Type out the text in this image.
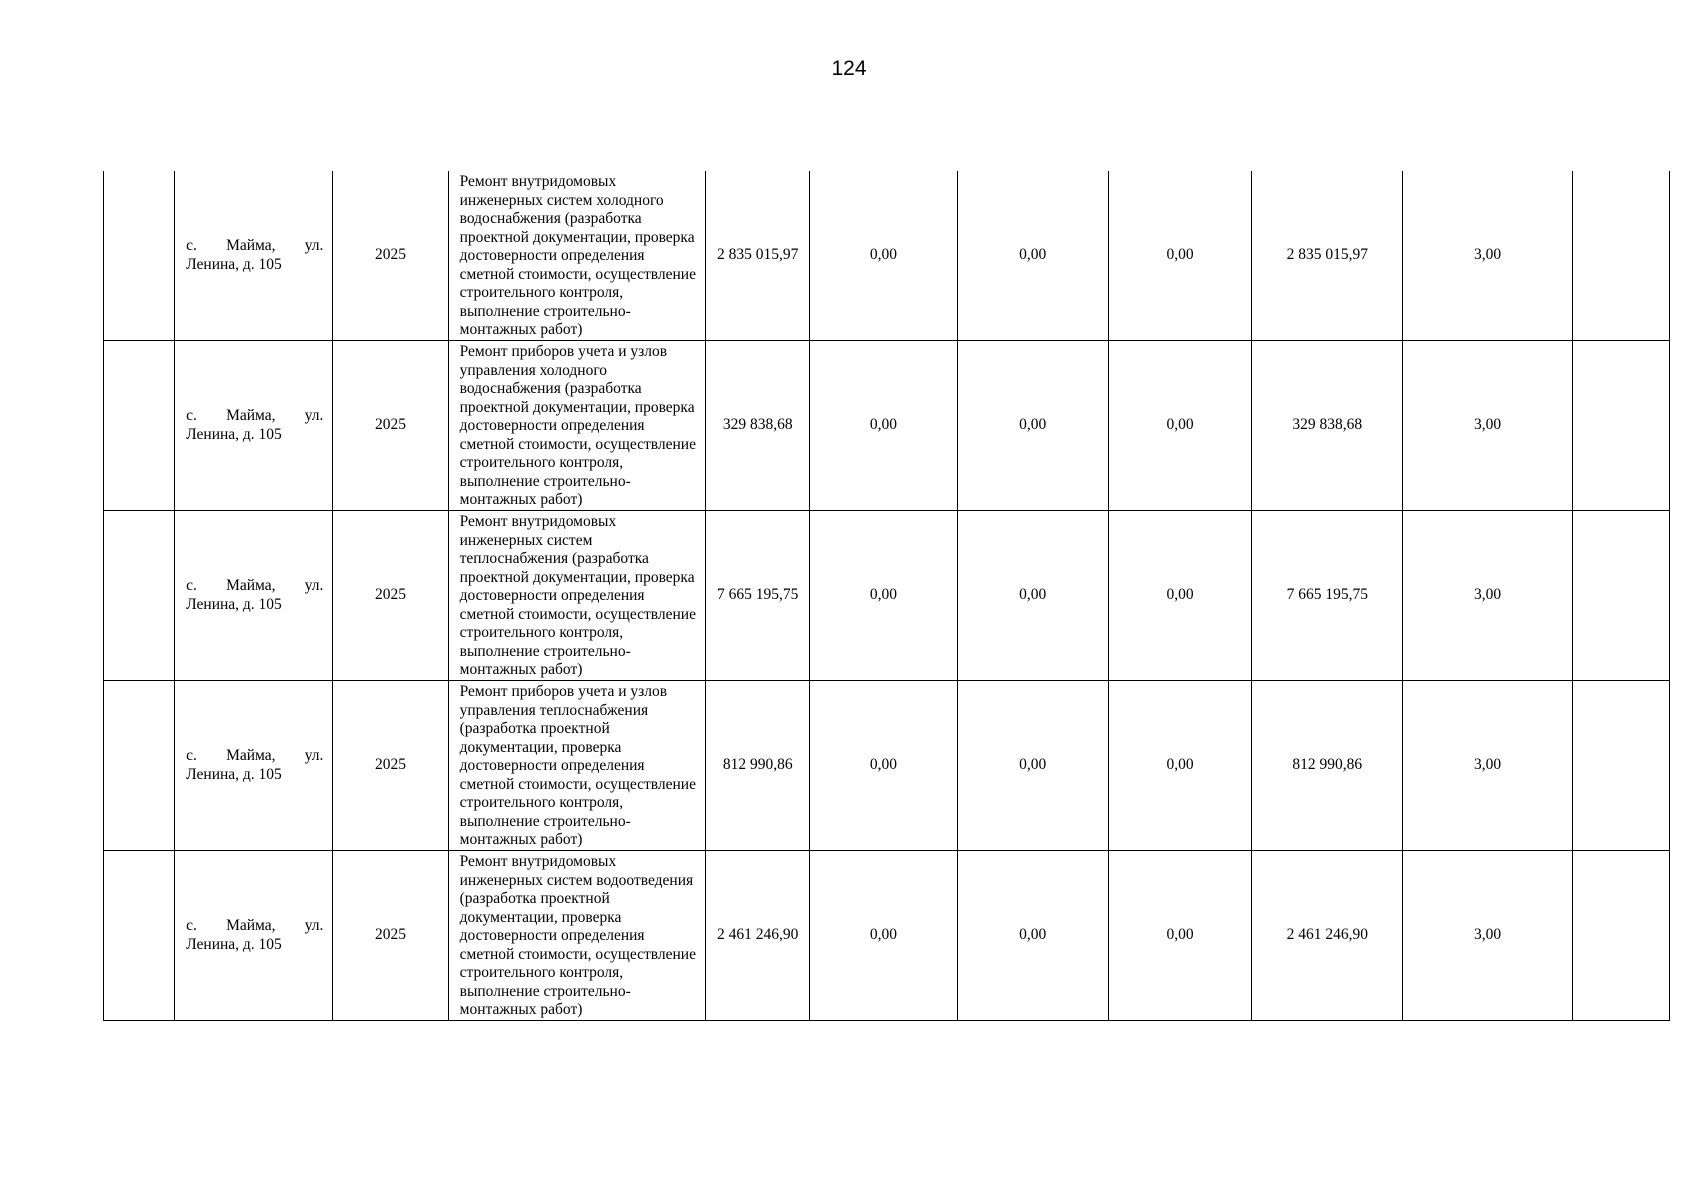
124
	с. Майма, ул. Ленина, д. 105	2025	Ремонт внутридомовых инженерных систем холодного водоснабжения (разработка проектной документации, проверка достоверности определения сметной стоимости, осуществление строительного контроля, выполнение строительно-монтажных работ)	2 835 015,97	0,00	0,00	0,00	2 835 015,97	3,00	
	с. Майма, ул. Ленина, д. 105	2025	Ремонт приборов учета и узлов управления холодного водоснабжения (разработка проектной документации, проверка достоверности определения сметной стоимости, осуществление строительного контроля, выполнение строительно-монтажных работ)	329 838,68	0,00	0,00	0,00	329 838,68	3,00	
	с. Майма, ул. Ленина, д. 105	2025	Ремонт внутридомовых инженерных систем теплоснабжения (разработка проектной документации, проверка достоверности определения сметной стоимости, осуществление строительного контроля, выполнение строительно-монтажных работ)	7 665 195,75	0,00	0,00	0,00	7 665 195,75	3,00	
	с. Майма, ул. Ленина, д. 105	2025	Ремонт приборов учета и узлов управления теплоснабжения (разработка проектной документации, проверка достоверности определения сметной стоимости, осуществление строительного контроля, выполнение строительно-монтажных работ)	812 990,86	0,00	0,00	0,00	812 990,86	3,00	
	с. Майма, ул. Ленина, д. 105	2025	Ремонт внутридомовых инженерных систем водоотведения (разработка проектной документации, проверка достоверности определения сметной стоимости, осуществление строительного контроля, выполнение строительно-монтажных работ)	2 461 246,90	0,00	0,00	0,00	2 461 246,90	3,00	
